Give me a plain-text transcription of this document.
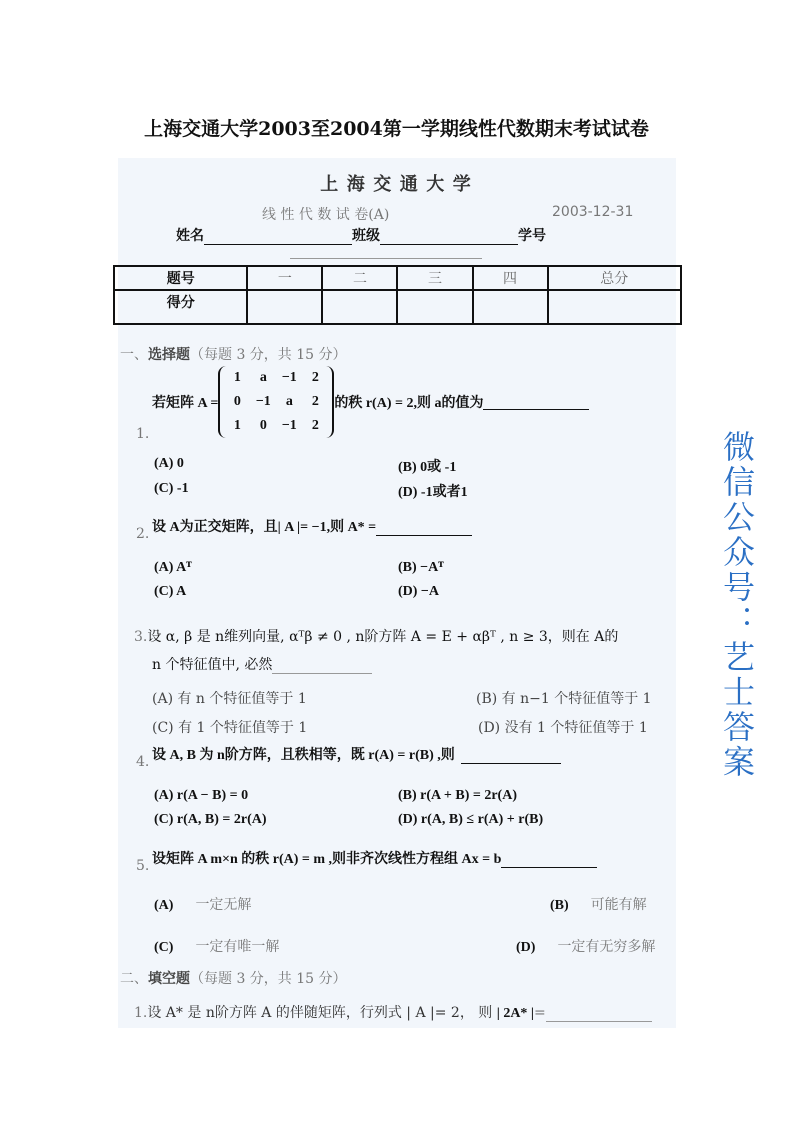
上海交通大学2003至2004第一学期线性代数期末考试试卷
上 海 交 通 大 学
线 性 代 数 试 卷(A)	2003-12-31
姓名	班级	学号
题号	一	二	三	四	总分
得分					
一、选择题（每题 3 分，共 15 分）
1.
若矩阵 A =
1 a −1 2
0 −1 a 2
1 0 −1 2
的秩 r(A) = 2,则 a的值为
(A) 0	(B) 0或 -1
(C) -1	(D) -1或者1
2. 设 A为正交矩阵，且| A |= −1,则 A* =
(A) Aᵀ	(B) −Aᵀ
(C) A	(D) −A
3.设 α, β 是 n维列向量, αᵀβ ≠ 0 , n阶方阵 A = E + αβᵀ , n ≥ 3，则在 A的
n 个特征值中, 必然
(A) 有 n 个特征值等于 1	(B) 有 n−1 个特征值等于 1
(C) 有 1 个特征值等于 1	(D) 没有 1 个特征值等于 1
4. 设 A, B 为 n阶方阵，且秩相等，既 r(A) = r(B) ,则
(A) r(A − B) = 0	(B) r(A + B) = 2r(A)
(C) r(A, B) = 2r(A)	(D) r(A, B) ≤ r(A) + r(B)
5. 设矩阵 A m×n 的秩 r(A) = m ,则非齐次线性方程组 Ax = b
(A) 一定无解	(B) 可能有解
(C) 一定有唯一解	(D) 一定有无穷多解
二、填空题（每题 3 分，共 15 分）
1.设 A* 是 n阶方阵 A 的伴随矩阵，行列式 | A |= 2， 则 | 2A* |=
微信公众号：艺士答案
